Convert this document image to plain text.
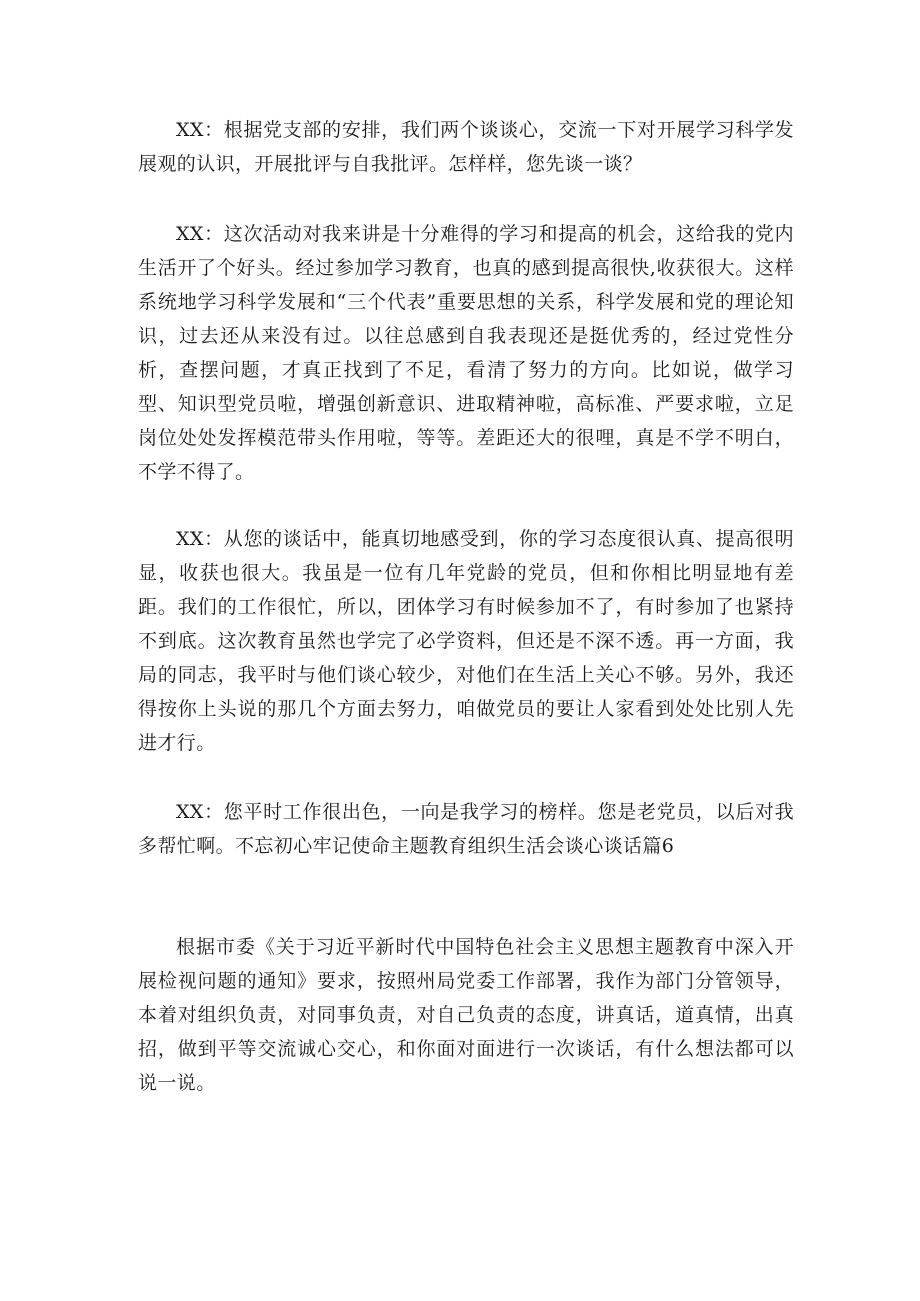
XX：根据党支部的安排，我们两个谈谈心，交流一下对开展学习科学发展观的认识，开展批评与自我批评。怎样样，您先谈一谈？

XX：这次活动对我来讲是十分难得的学习和提高的机会，这给我的党内生活开了个好头。经过参加学习教育，也真的感到提高很快,收获很大。这样系统地学习科学发展和“三个代表”重要思想的关系，科学发展和党的理论知识，过去还从来没有过。以往总感到自我表现还是挺优秀的，经过党性分析，查摆问题，才真正找到了不足，看清了努力的方向。比如说，做学习型、知识型党员啦，增强创新意识、进取精神啦，高标准、严要求啦，立足岗位处处发挥模范带头作用啦，等等。差距还大的很哩，真是不学不明白，不学不得了。

XX：从您的谈话中，能真切地感受到，你的学习态度很认真、提高很明显，收获也很大。我虽是一位有几年党龄的党员，但和你相比明显地有差距。我们的工作很忙，所以，团体学习有时候参加不了，有时参加了也紧持不到底。这次教育虽然也学完了必学资料，但还是不深不透。再一方面，我局的同志，我平时与他们谈心较少，对他们在生活上关心不够。另外，我还得按你上头说的那几个方面去努力，咱做党员的要让人家看到处处比别人先进才行。

XX：您平时工作很出色，一向是我学习的榜样。您是老党员，以后对我多帮忙啊。不忘初心牢记使命主题教育组织生活会谈心谈话篇6

根据市委《关于习近平新时代中国特色社会主义思想主题教育中深入开展检视问题的通知》要求，按照州局党委工作部署，我作为部门分管领导，本着对组织负责，对同事负责，对自己负责的态度，讲真话，道真情，出真招，做到平等交流诚心交心，和你面对面进行一次谈话，有什么想法都可以说一说。
